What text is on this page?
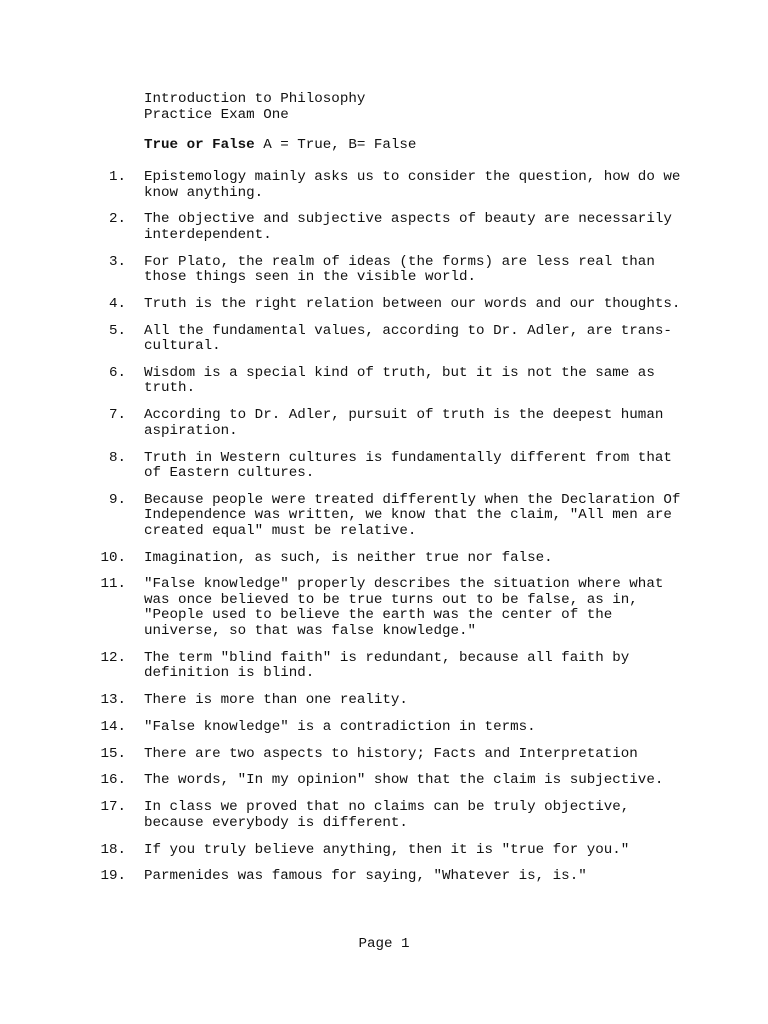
Introduction to Philosophy
Practice Exam One
True or False A = True, B= False
1. Epistemology mainly asks us to consider the question, how do we know anything.
2. The objective and subjective aspects of beauty are necessarily interdependent.
3. For Plato, the realm of ideas (the forms) are less real than those things seen in the visible world.
4. Truth is the right relation between our words and our thoughts.
5. All the fundamental values, according to Dr. Adler, are trans-cultural.
6. Wisdom is a special kind of truth, but it is not the same as truth.
7. According to Dr. Adler, pursuit of truth is the deepest human aspiration.
8. Truth in Western cultures is fundamentally different from that of Eastern cultures.
9. Because people were treated differently when the Declaration Of Independence was written, we know that the claim, "All men are created equal" must be relative.
10. Imagination, as such, is neither true nor false.
11. "False knowledge" properly describes the situation where what was once believed to be true turns out to be false, as in, "People used to believe the earth was the center of the universe, so that was false knowledge."
12. The term "blind faith" is redundant, because all faith by definition is blind.
13. There is more than one reality.
14. "False knowledge" is a contradiction in terms.
15. There are two aspects to history; Facts and Interpretation
16. The words, "In my opinion" show that the claim is subjective.
17. In class we proved that no claims can be truly objective, because everybody is different.
18. If you truly believe anything, then it is "true for you."
19. Parmenides was famous for saying, "Whatever is, is."
Page 1
